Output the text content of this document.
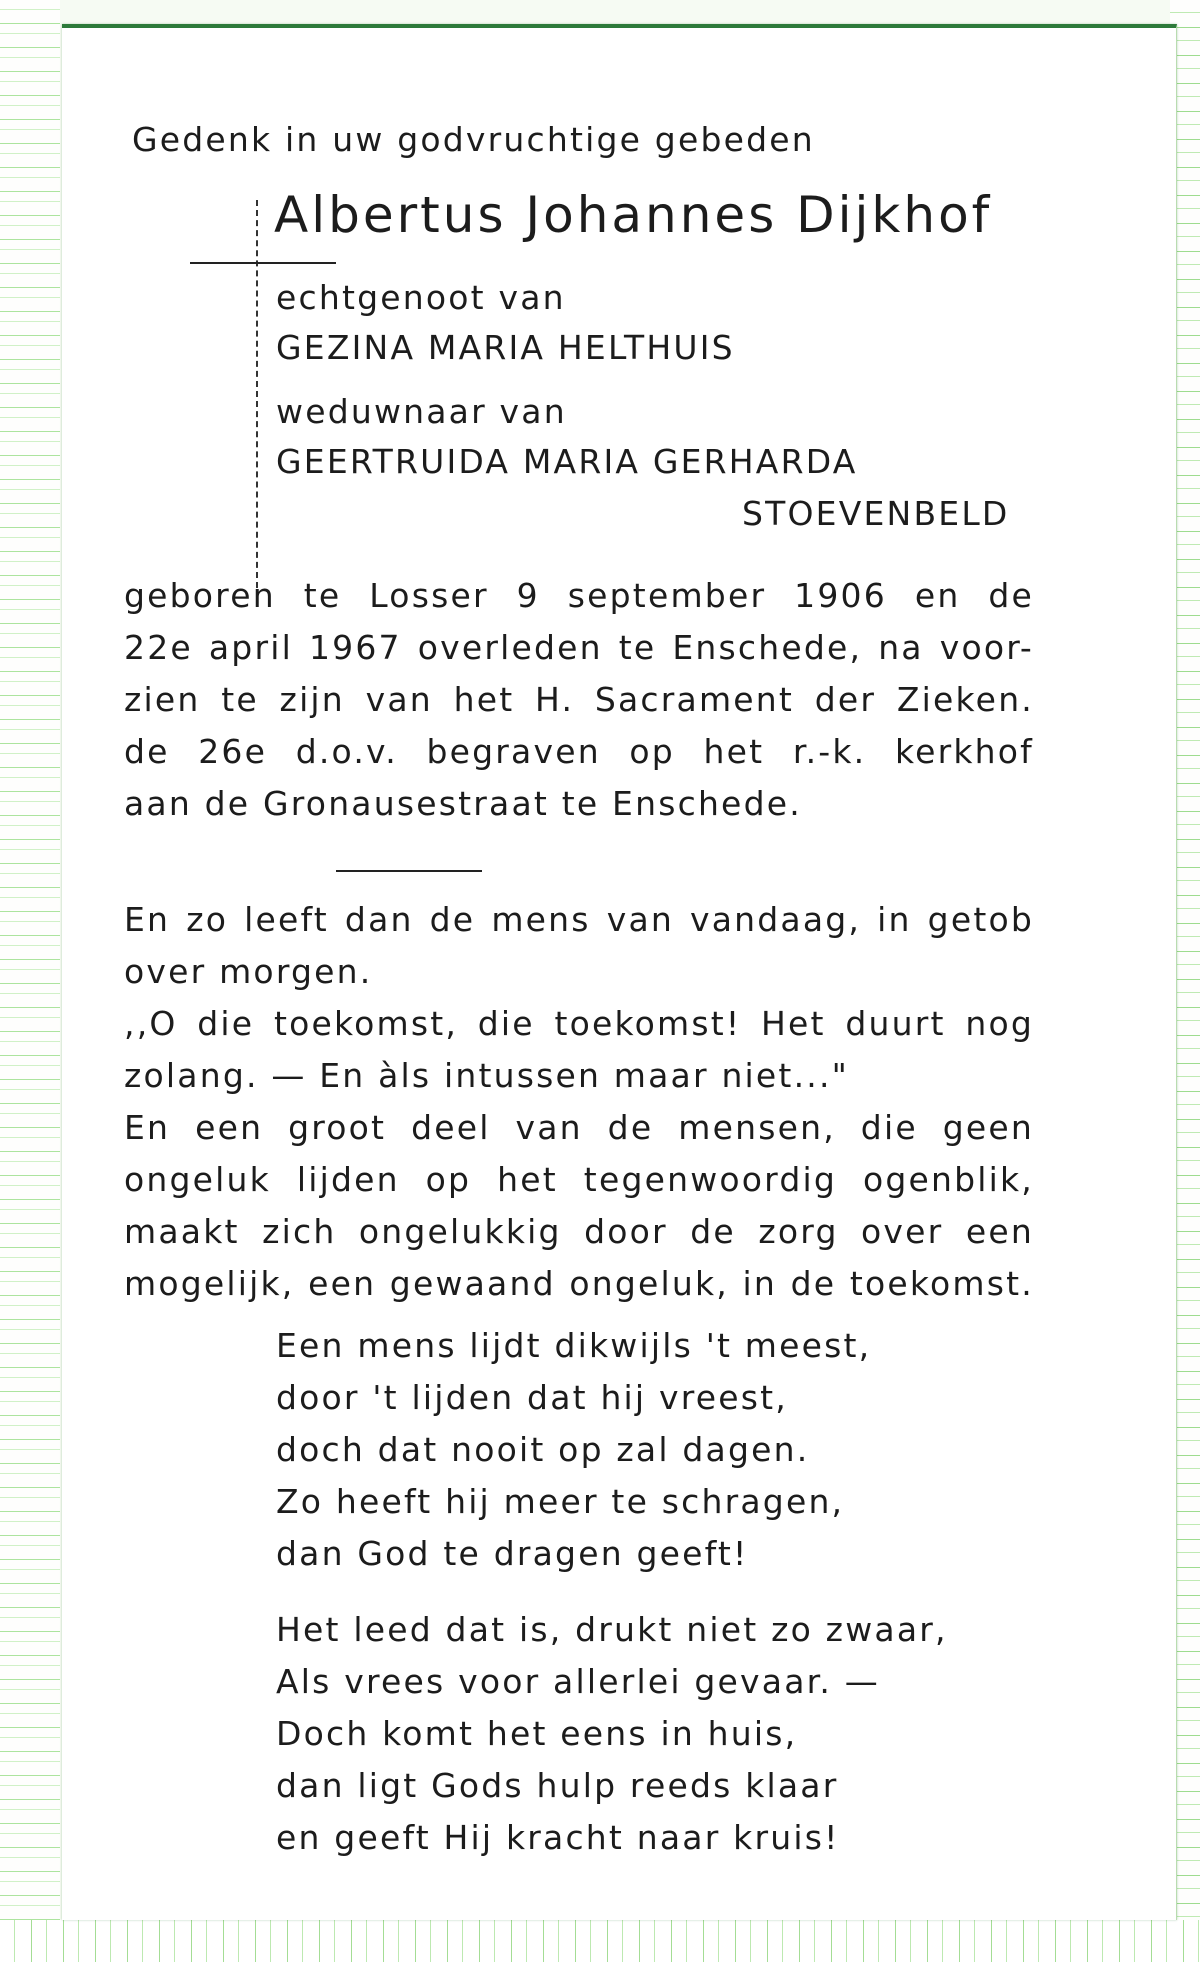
Gedenk in uw godvruchtige gebeden

Albertus Johannes Dijkhof

echtgenoot van

GEZINA MARIA HELTHUIS

weduwnaar van

GEERTRUIDA MARIA GERHARDA

STOEVENBELD

geboren te Losser 9 september 1906 en de

22e april 1967 overleden te Enschede, na voor-

zien te zijn van het H. Sacrament der Zieken.

de 26e d.o.v. begraven op het r.-k. kerkhof

aan de Gronausestraat te Enschede.

En zo leeft dan de mens van vandaag, in getob

over morgen.

,,O die toekomst, die toekomst! Het duurt nog

zolang. — En àls intussen maar niet..."

En een groot deel van de mensen, die geen

ongeluk lijden op het tegenwoordig ogenblik,

maakt zich ongelukkig door de zorg over een

mogelijk, een gewaand ongeluk, in de toekomst.

Een mens lijdt dikwijls 't meest,

door 't lijden dat hij vreest,

doch dat nooit op zal dagen.

Zo heeft hij meer te schragen,

dan God te dragen geeft!

Het leed dat is, drukt niet zo zwaar,

Als vrees voor allerlei gevaar. —

Doch komt het eens in huis,

dan ligt Gods hulp reeds klaar

en geeft Hij kracht naar kruis!
